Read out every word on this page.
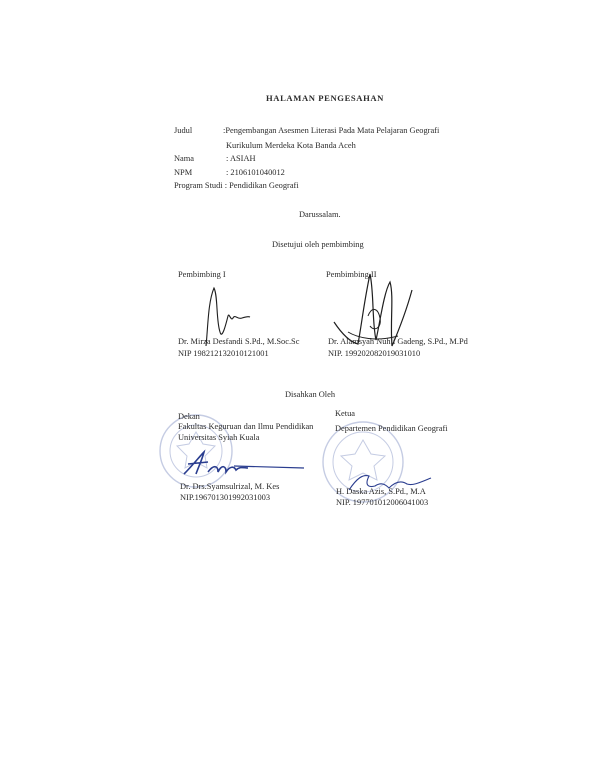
HALAMAN PENGESAHAN
Judul	:Pengembangan Asesmen Literasi Pada Mata Pelajaran Geografi
Kurikulum Merdeka Kota Banda Aceh
Nama	: ASIAH
NPM	: 2106101040012
Program Studi : Pendidikan Geografi
Darussalam.
Disetujui oleh pembimbing
Pembimbing I
Dr. Mirza Desfandi S.Pd., M.Soc.Sc
NIP 198212132010121001
Pembimbing II
Dr. Alamsyah Nuhli Gadeng, S.Pd., M.Pd
NIP. 199202082019031010
Disahkan Oleh
Dekan
Fakultas Keguruan dan Ilmu Pendidikan
Universitas Syiah Kuala
Dr. Drs.Syamsulrizal, M. Kes
NIP.196701301992031003
Ketua
Departemen Pendidikan Geografi
H. Daska Azis, S.Pd., M.A
NIP. 197701012006041003
